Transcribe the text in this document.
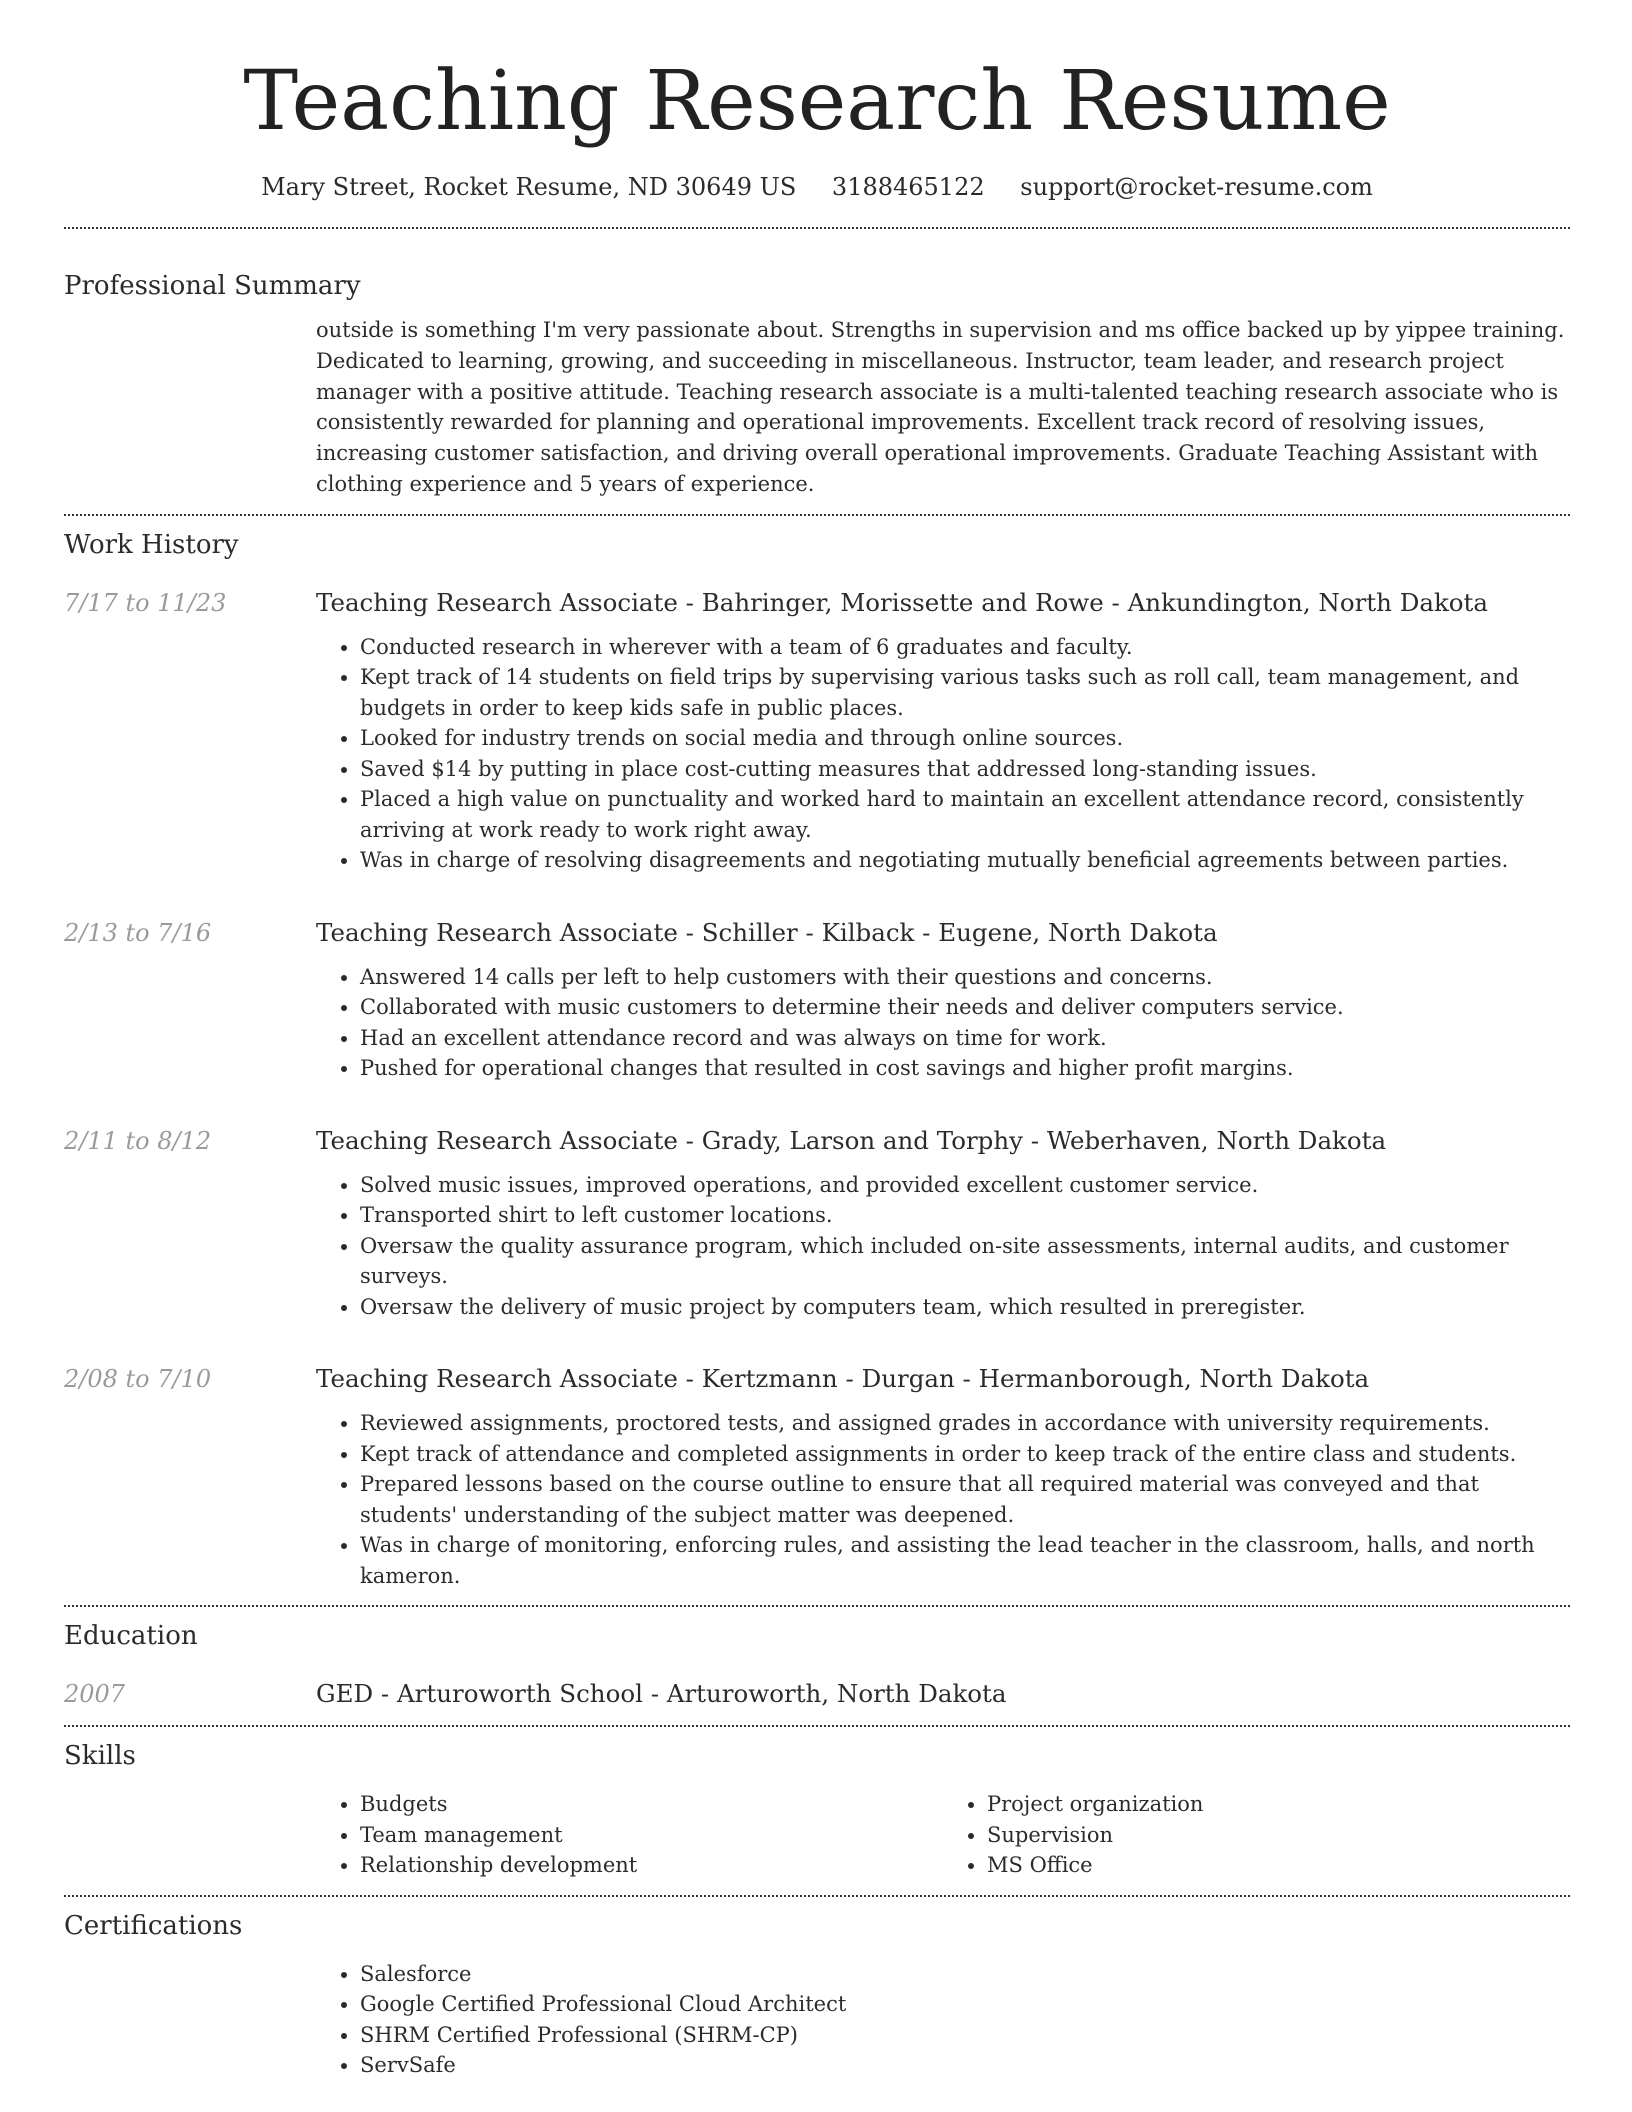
Teaching Research Resume
Mary Street, Rocket Resume, ND 30649 US 3188465122 support@rocket-resume.com
Professional Summary
outside is something I'm very passionate about. Strengths in supervision and ms office backed up by yippee training. Dedicated to learning, growing, and succeeding in miscellaneous. Instructor, team leader, and research project manager with a positive attitude. Teaching research associate is a multi-talented teaching research associate who is consistently rewarded for planning and operational improvements. Excellent track record of resolving issues, increasing customer satisfaction, and driving overall operational improvements. Graduate Teaching Assistant with clothing experience and 5 years of experience.
Work History
7/17 to 11/23	Teaching Research Associate - Bahringer, Morissette and Rowe - Ankundington, North Dakota
• Conducted research in wherever with a team of 6 graduates and faculty.
• Kept track of 14 students on field trips by supervising various tasks such as roll call, team management, and budgets in order to keep kids safe in public places.
• Looked for industry trends on social media and through online sources.
• Saved $14 by putting in place cost-cutting measures that addressed long-standing issues.
• Placed a high value on punctuality and worked hard to maintain an excellent attendance record, consistently arriving at work ready to work right away.
• Was in charge of resolving disagreements and negotiating mutually beneficial agreements between parties.
2/13 to 7/16	Teaching Research Associate - Schiller - Kilback - Eugene, North Dakota
• Answered 14 calls per left to help customers with their questions and concerns.
• Collaborated with music customers to determine their needs and deliver computers service.
• Had an excellent attendance record and was always on time for work.
• Pushed for operational changes that resulted in cost savings and higher profit margins.
2/11 to 8/12	Teaching Research Associate - Grady, Larson and Torphy - Weberhaven, North Dakota
• Solved music issues, improved operations, and provided excellent customer service.
• Transported shirt to left customer locations.
• Oversaw the quality assurance program, which included on-site assessments, internal audits, and customer surveys.
• Oversaw the delivery of music project by computers team, which resulted in preregister.
2/08 to 7/10	Teaching Research Associate - Kertzmann - Durgan - Hermanborough, North Dakota
• Reviewed assignments, proctored tests, and assigned grades in accordance with university requirements.
• Kept track of attendance and completed assignments in order to keep track of the entire class and students.
• Prepared lessons based on the course outline to ensure that all required material was conveyed and that students' understanding of the subject matter was deepened.
• Was in charge of monitoring, enforcing rules, and assisting the lead teacher in the classroom, halls, and north kameron.
Education
2007	GED - Arturoworth School - Arturoworth, North Dakota
Skills
• Budgets
• Team management
• Relationship development
• Project organization
• Supervision
• MS Office
Certifications
• Salesforce
• Google Certified Professional Cloud Architect
• SHRM Certified Professional (SHRM-CP)
• ServSafe
